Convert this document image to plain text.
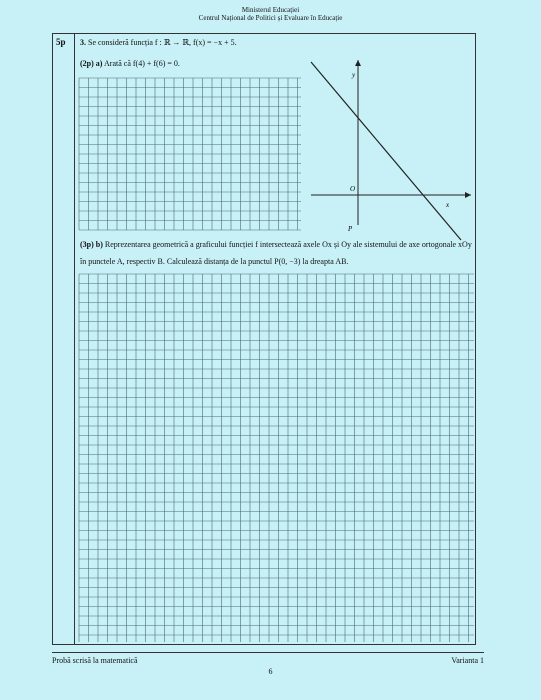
Ministerul Educației
Centrul Național de Politici și Evaluare în Educație
5p 3. Se consideră funcția f : ℝ → ℝ, f(x) = −x + 5.
(2p) a) Arată că f(4) + f(6) = 0.
y
x
O
P
(3p) b) Reprezentarea geometrică a graficului funcției f intersectează axele Ox și Oy ale sistemului de axe ortogonale xOy în punctele A, respectiv B. Calculează distanța de la punctul P(0, −3) la dreapta AB.
Probă scrisă la matematică	Varianta 1
6
